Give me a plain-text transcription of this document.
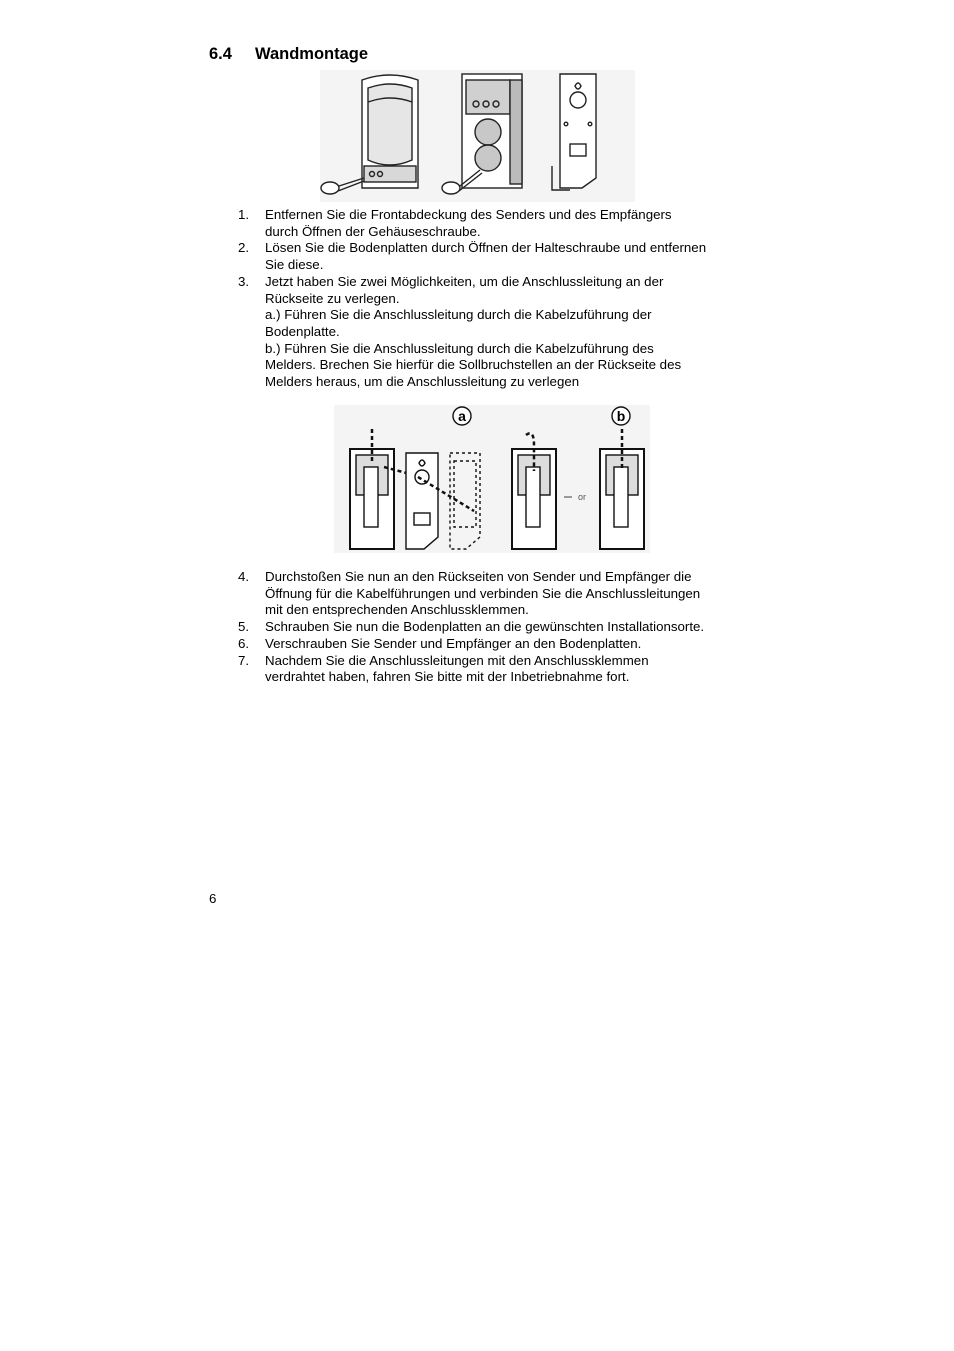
6.4 Wandmontage
1. Entfernen Sie die Frontabdeckung des Senders und des Empfängers
durch Öffnen der Gehäuseschraube.
2. Lösen Sie die Bodenplatten durch Öffnen der Halteschraube und entfernen
Sie diese.
3. Jetzt haben Sie zwei Möglichkeiten, um die Anschlussleitung an der
Rückseite zu verlegen.
a.) Führen Sie die Anschlussleitung durch die Kabelzuführung der
Bodenplatte.
b.) Führen Sie die Anschlussleitung durch die Kabelzuführung des
Melders. Brechen Sie hierfür die Sollbruchstellen an der Rückseite des
Melders heraus, um die Anschlussleitung zu verlegen
a	b
or
4. Durchstoßen Sie nun an den Rückseiten von Sender und Empfänger die
Öffnung für die Kabelführungen und verbinden Sie die Anschlussleitungen
mit den entsprechenden Anschlussklemmen.
5. Schrauben Sie nun die Bodenplatten an die gewünschten Installationsorte.
6. Verschrauben Sie Sender und Empfänger an den Bodenplatten.
7. Nachdem Sie die Anschlussleitungen mit den Anschlussklemmen
verdrahtet haben, fahren Sie bitte mit der Inbetriebnahme fort.
6
